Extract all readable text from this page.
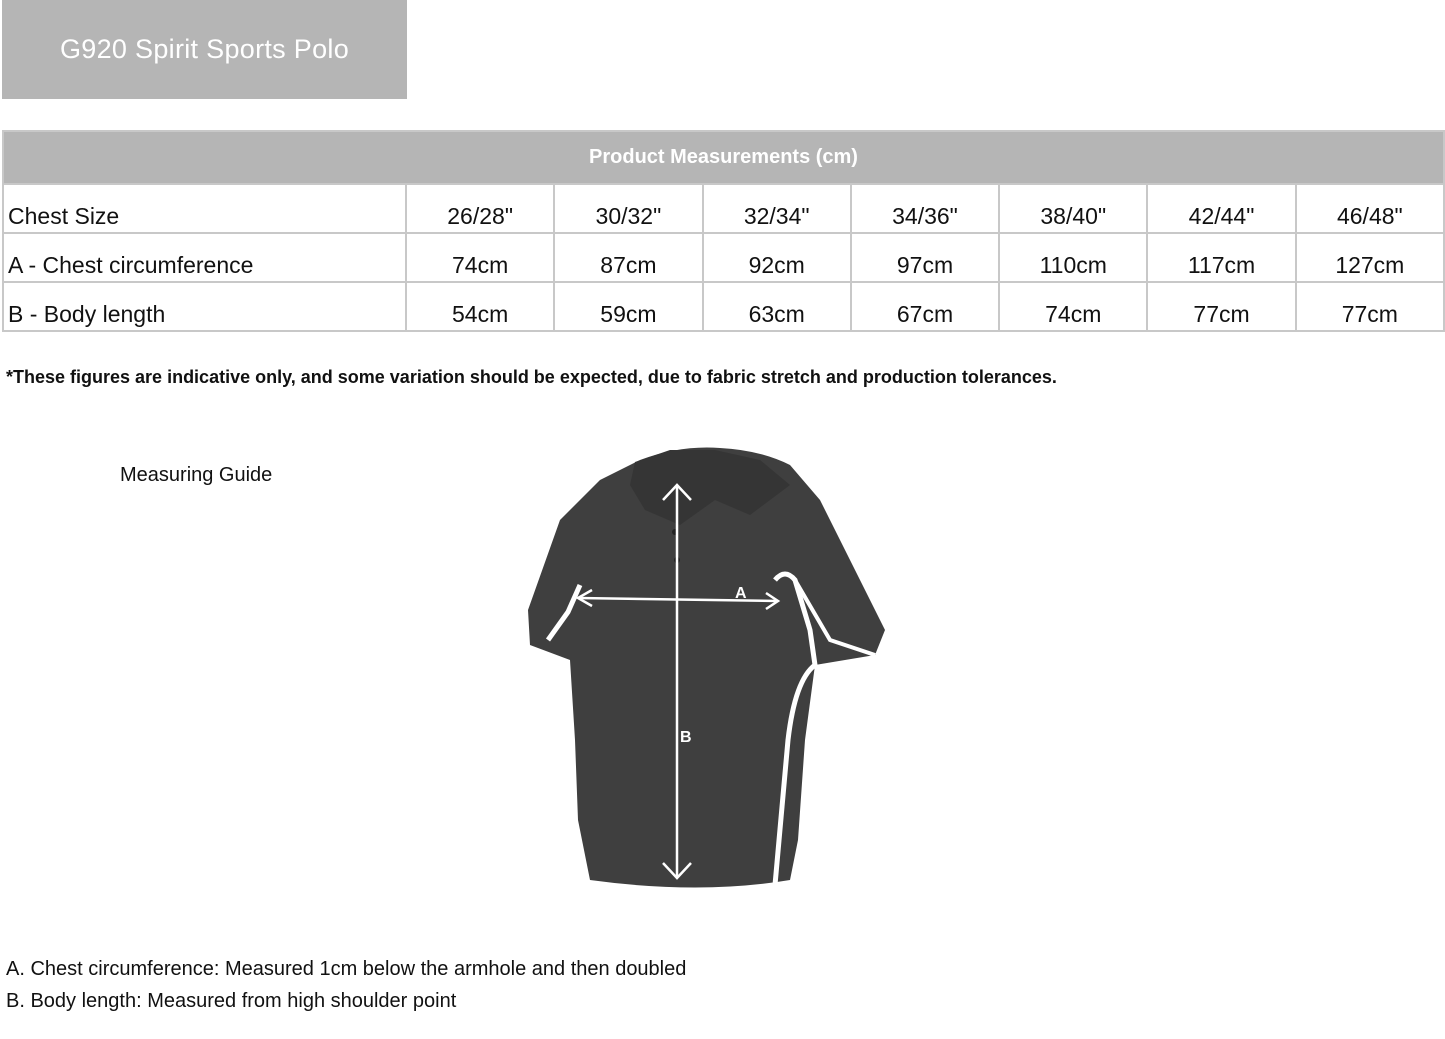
G920 Spirit Sports Polo
Product Measurements (cm)							
Chest Size	26/28"	30/32"	32/34"	34/36"	38/40"	42/44"	46/48"
A - Chest circumference	74cm	87cm	92cm	97cm	110cm	117cm	127cm
B - Body length	54cm	59cm	63cm	67cm	74cm	77cm	77cm
*These figures are indicative only, and some variation should be expected, due to fabric stretch and production tolerances.
Measuring Guide
A
B
A. Chest circumference: Measured 1cm below the armhole and then doubled
B. Body length: Measured from high shoulder point
